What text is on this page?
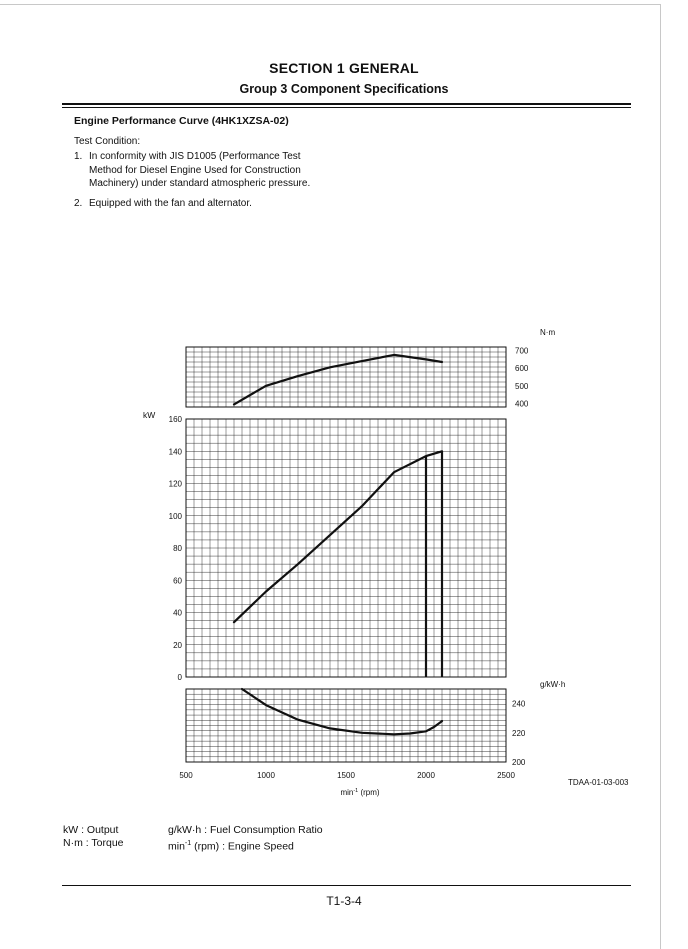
SECTION 1 GENERAL
Group 3 Component Specifications
Engine Performance Curve (4HK1XZSA-02)
Test Condition:
1. In conformity with JIS D1005 (Performance Test
Method for Diesel Engine Used for Construction
Machinery) under standard atmospheric pressure.
2. Equipped with the fan and alternator.
700
600
500
400
N·m
160
140
120
100
80
60
40
20
0
kW
240
220
200
g/kW·h
500	1000	1500	2000	2500
$\min^{-1} (rpm)$
TDAA-01-03-003
kW : Output
N·m : Torque
g/kW·h : Fuel Consumption Ratio
$\min^{-1} (rpm)$ : Engine Speed
T1-3-4
